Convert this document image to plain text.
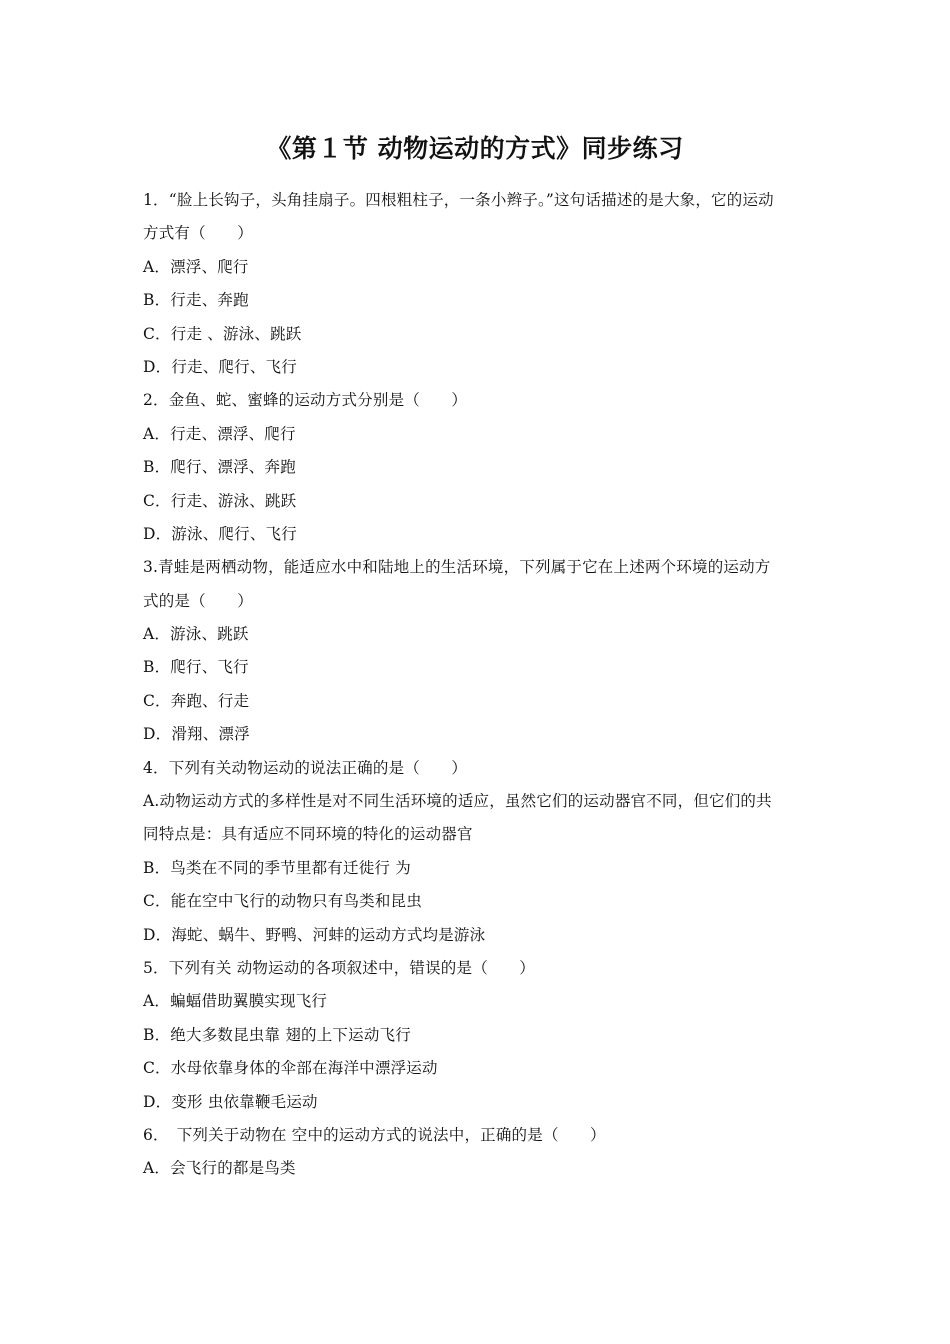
《第１节 动物运动的方式》同步练习
1．“脸上长钩子，头角挂扇子。四根粗柱子，一条小辫子。”这句话描述的是大象，它的运动
方式有（　　）
A．漂浮、爬行
B．行走、奔跑
C．行走 、游泳、跳跃
D．行走、爬行、飞行
2．金鱼、蛇、蜜蜂的运动方式分别是（　　）
A．行走、漂浮、爬行
B．爬行、漂浮、奔跑
C．行走、游泳、跳跃
D．游泳、爬行、飞行
3.青蛙是两栖动物，能适应水中和陆地上的生活环境，下列属于它在上述两个环境的运动方
式的是（　　）
A．游泳、跳跃
B．爬行、飞行
C．奔跑、行走
D．滑翔、漂浮
4．下列有关动物运动的说法正确的是（　　）
A.动物运动方式的多样性是对不同生活环境的适应，虽然它们的运动器官不同，但它们的共
同特点是：具有适应不同环境的特化的运动器官
B．鸟类在不同的季节里都有迁徙行 为
C．能在空中飞行的动物只有鸟类和昆虫
D．海蛇、蜗牛、野鸭、河蚌的运动方式均是游泳
5．下列有关 动物运动的各项叙述中，错误的是（　　）
A．蝙蝠借助翼膜实现飞行
B．绝大多数昆虫靠 翅的上下运动飞行
C．水母依靠身体的伞部在海洋中漂浮运动
D．变形 虫依靠鞭毛运动
6．　下列关于动物在 空中的运动方式的说法中，正确的是（　　）
A．会飞行的都是鸟类
